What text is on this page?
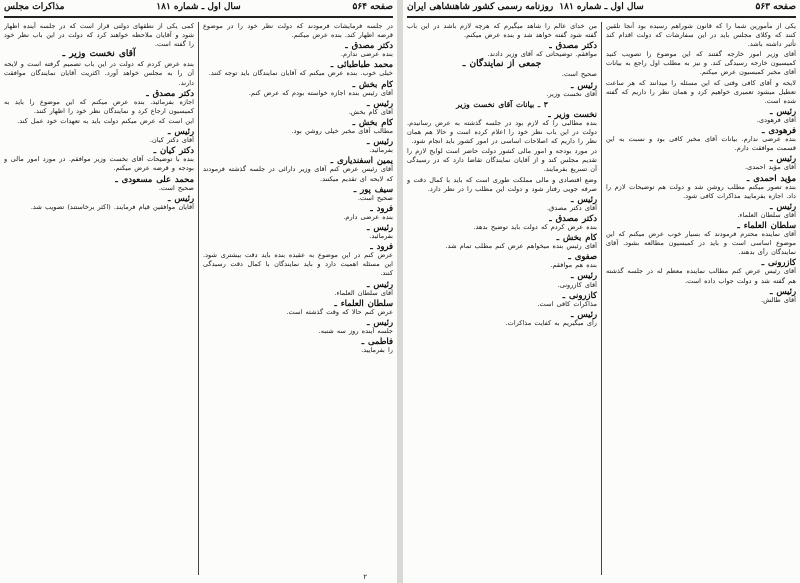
صفحه ۵۶۴
سال اول ـ شماره ۱۸۱
مذاکرات مجلس

در جلسه فرمایشات فرمودند که دولت نظر خود را در موضوع قرضه اظهار کند. بنده عرض میکنم.

دکتر مصدق ـ

بنده عرضی ندارم.

محمد طباطبائی ـ

خیلی خوب. بنده عرض میکنم که آقایان نمایندگان باید توجه کنند.

کام بخش ـ

آقای رئیس بنده اجازه خواسته بودم که عرض کنم.

رئیس ـ

آقای کام بخش.

کام بخش ـ

مطالب آقای مخبر خیلی روشن بود.

رئیس ـ

بفرمائید.

یمین اسفندیاری ـ

آقای رئیس عرض کنم آقای وزیر دارائی در جلسه گذشته فرمودند که لایحه ای تقدیم میکنند.

سیف پور ـ

صحیح است.

فرود ـ

بنده عرضی دارم.

رئیس ـ

بفرمائید.

فرود ـ

عرض کنم در این موضوع به عقیده بنده باید دقت بیشتری شود. این مسئله اهمیت دارد و باید نمایندگان با کمال دقت رسیدگی کنند.

رئیس ـ

آقای سلطان العلماء.

سلطان العلماء ـ

عرض کنم حالا که وقت گذشته است.

رئیس ـ

جلسه آینده روز سه شنبه.

فاطمی ـ

را بفرمایید.

کمی یکی از نطقهای دولتی قرار است که در جلسه آینده اظهار شود و آقایان ملاحظه خواهند کرد که دولت در این باب نظر خود را گفته است.

آقای نخست وزیر ـ

بنده عرض کردم که دولت در این باب تصمیم گرفته است و لایحه آن را به مجلس خواهد آورد. اکثریت آقایان نمایندگان موافقت دارند.

دکتر مصدق ـ

اجازه بفرمائید. بنده عرض میکنم که این موضوع را باید به کمیسیون ارجاع کرد و نمایندگان نظر خود را اظهار کنند.

این است که عرض میکنم دولت باید به تعهدات خود عمل کند.

رئیس ـ

آقای دکتر کیان.

دکتر کیان ـ

بنده با توضیحات آقای نخست وزیر موافقم. در مورد امور مالی و بودجه و قرضه عرض میکنم.

محمد علی مسعودی ـ

صحیح است.

رئیس ـ

آقایان موافقین قیام فرمایند. (اکثر برخاستند) تصویب شد.

۲
صفحه ۵۶۳
سال اول ـ شماره ۱۸۱
روزنامه رسمی کشور شاهنشاهی ایران

یکی از مأمورین شما را که قانون شوراهم رسیده بود آنجا تلقین کنند که وکلای مجلس باید در این سفارشات که دولت اقدام کند تأثیر داشته باشد.

آقای وزیر امور خارجه گفتند که این موضوع را تصویب کنید کمیسیون خارجه رسیدگی کند. و نیز به مطلب اول راجع به بیانات آقای مخبر کمیسیون عرض میکنم.

لایحه و آقای کافی وقتی که این مسئله را میدانند که هر ساعت تعطیل میشود تعمیری خواهیم کرد و همان نظر را داریم که گفته شده است.

رئیس ـ

آقای فرهودی.

فرهودی ـ

بنده عرضی ندارم. بیانات آقای مخبر کافی بود و نسبت به این قسمت موافقت دارم.

رئیس ـ

آقای مؤید احمدی.

مؤید احمدی ـ

بنده تصور میکنم مطلب روشن شد و دولت هم توضیحات لازم را داد. اجازه بفرمایید مذاکرات کافی شود.

رئیس ـ

آقای سلطان العلماء.

سلطان العلماء ـ

آقای نماینده محترم فرمودند که بسیار خوب عرض میکنم که این موضوع اساسی است و باید در کمیسیون مطالعه بشود. آقای نمایندگان رأی بدهند.

کازرونی ـ

آقای رئیس عرض کنم مطالب نماینده معظم له در جلسه گذشته هم گفته شد و دولت جواب داده است.

رئیس ـ

آقای طالش.

من خدای عالم را شاهد میگیرم که هرچه لازم باشد در این باب گفته شود گفته خواهد شد و بنده عرض میکنم.

دکتر مصدق ـ

موافقم. توضیحاتی که آقای وزیر دادند.

جمعی از نمایندگان ـ

صحیح است.

رئیس ـ

آقای نخست وزیر.

۳ ـ بیانات آقای نخست وزیر
نخست وزیر ـ

بنده مطالبی را که لازم بود در جلسه گذشته به عرض رسانیدم. دولت در این باب نظر خود را اعلام کرده است و حالا هم همان نظر را داریم که اصلاحات اساسی در امور کشور باید انجام شود.

در مورد بودجه و امور مالی کشور دولت حاضر است لوایح لازم را تقدیم مجلس کند و از آقایان نمایندگان تقاضا دارد که در رسیدگی آن تسریع بفرمایند.

وضع اقتصادی و مالی مملکت طوری است که باید با کمال دقت و صرفه جویی رفتار شود و دولت این مطلب را در نظر دارد.

رئیس ـ

آقای دکتر مصدق.

دکتر مصدق ـ

بنده عرض کردم که دولت باید توضیح بدهد.

کام بخش ـ

آقای رئیس بنده میخواهم عرض کنم مطلب تمام شد.

صفوی ـ

بنده هم موافقم.

رئیس ـ

آقای کازرونی.

کازرونی ـ

مذاکرات کافی است.

رئیس ـ

رأی میگیریم به کفایت مذاکرات.
